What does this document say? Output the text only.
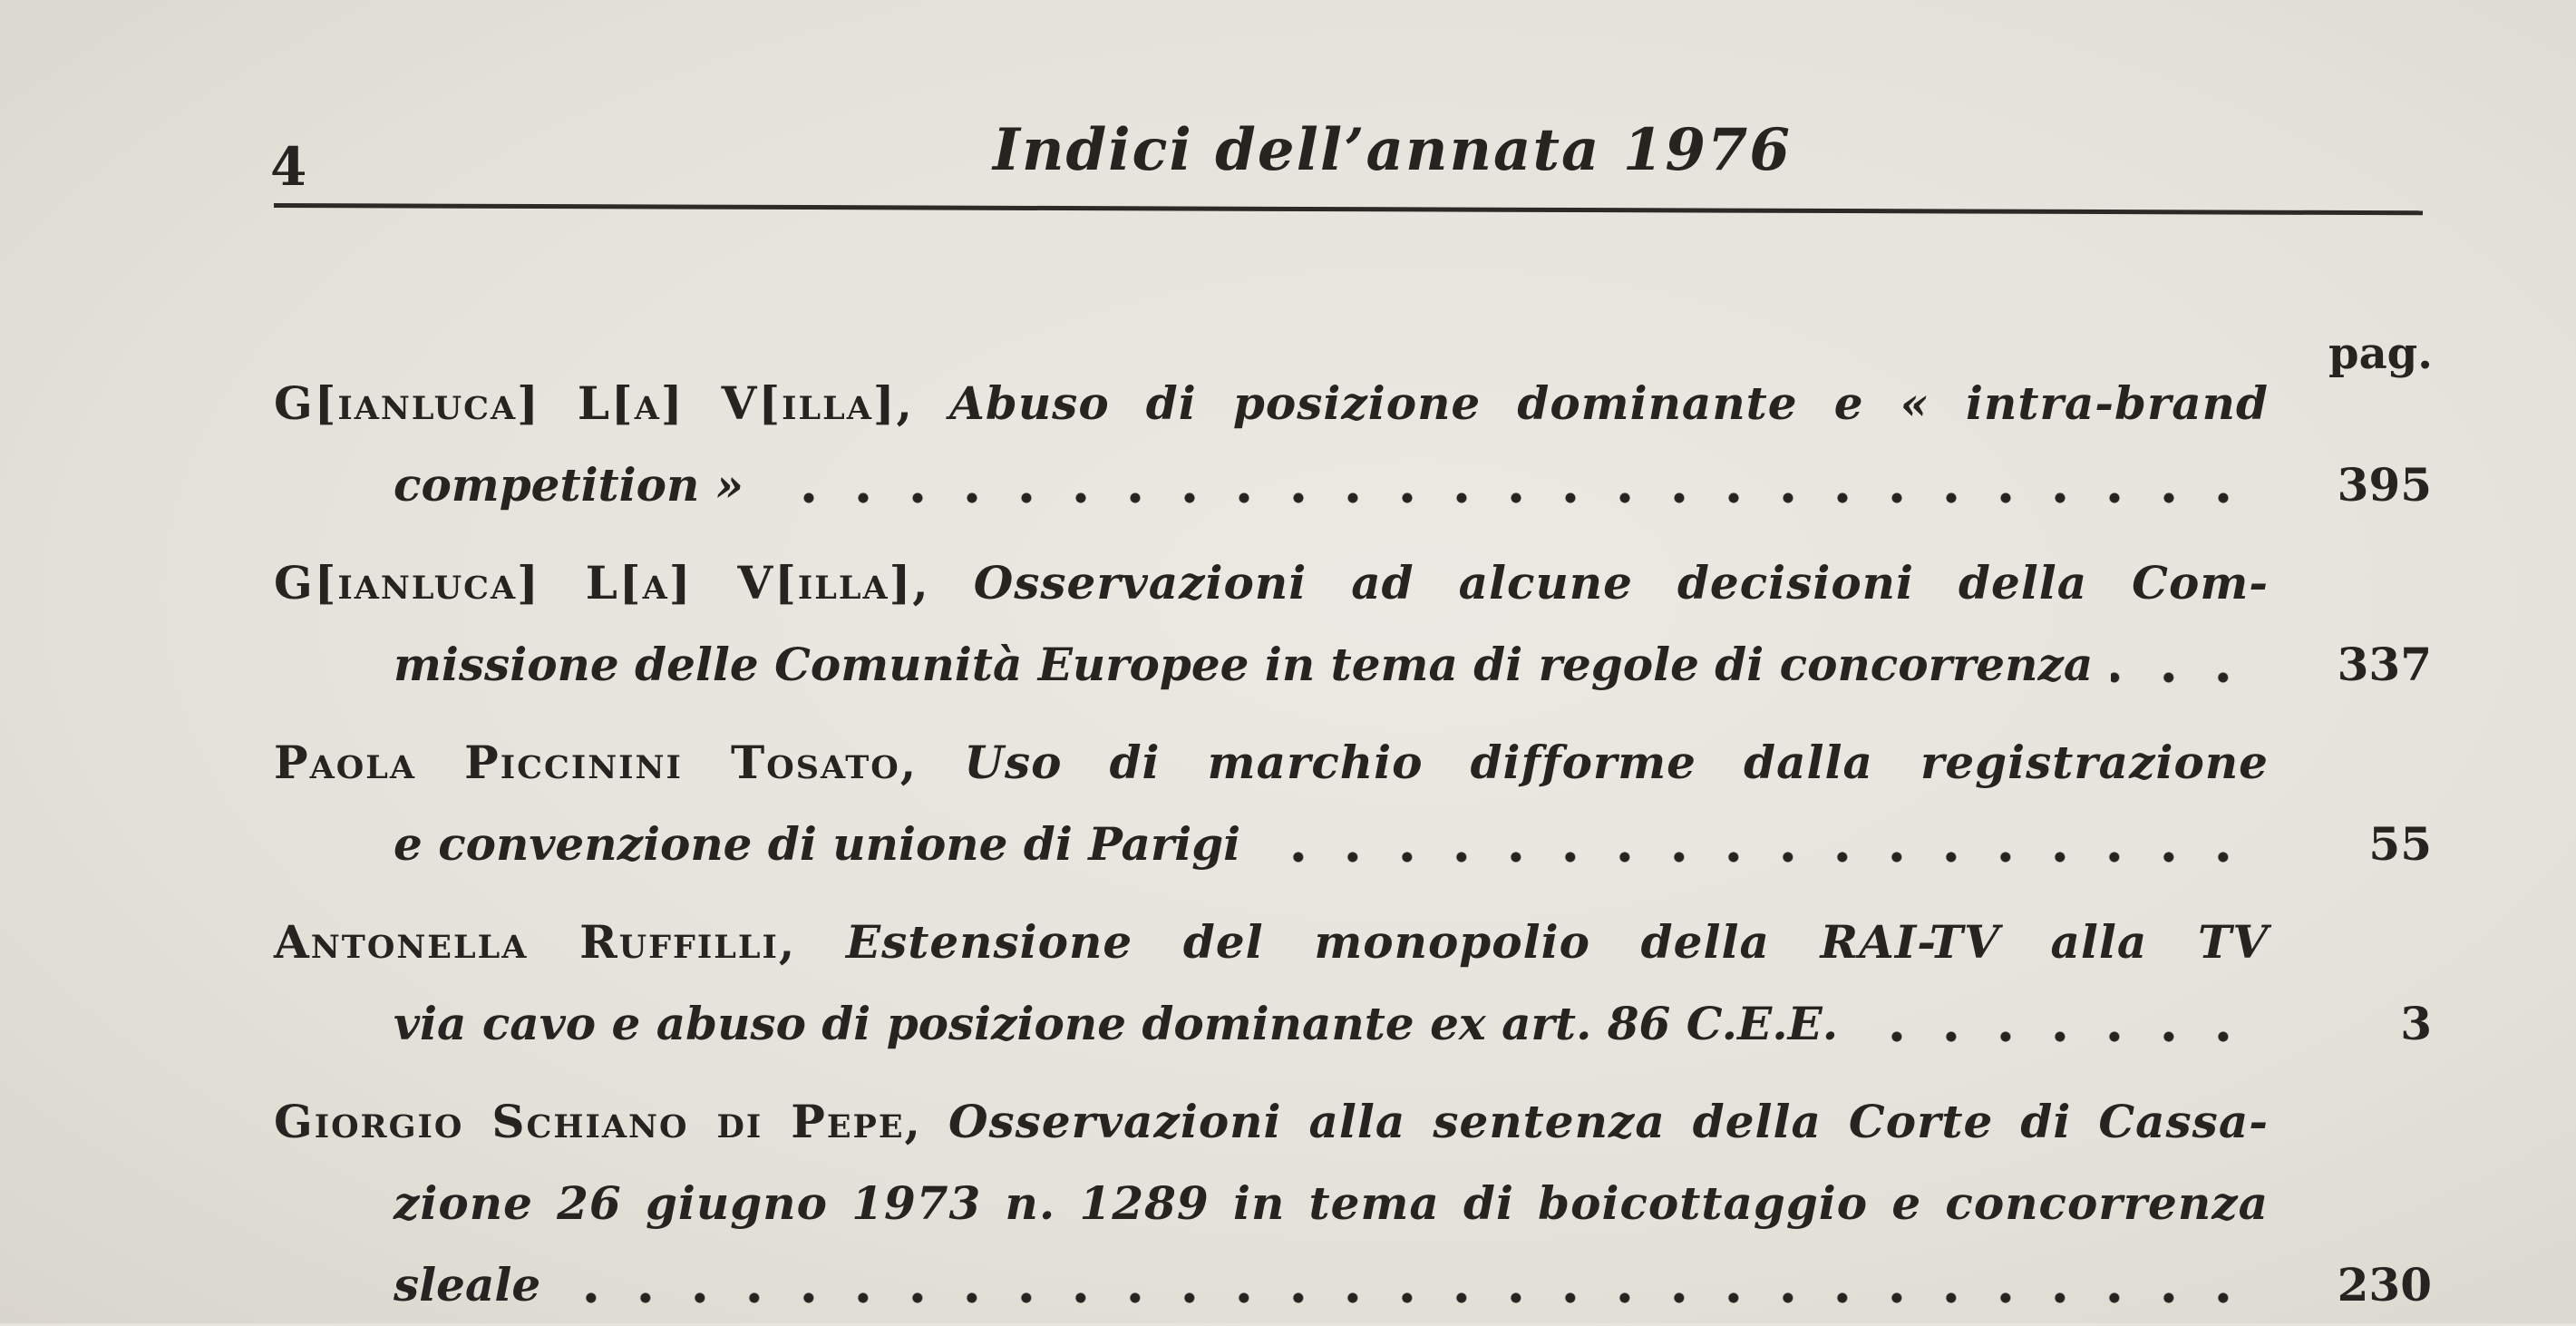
4	Indici dell’annata 1976
pag.
G[ianluca] L[a] V[illa], Abuso di posizione dominante e « intra-brand
competition »	395
G[ianluca] L[a] V[illa], Osservazioni ad alcune decisioni della Com-
missione delle Comunità Europee in tema di regole di concorrenza	337
Paola Piccinini Tosato, Uso di marchio difforme dalla registrazione
e convenzione di unione di Parigi	55
Antonella Ruffilli, Estensione del monopolio della RAI-TV alla TV
via cavo e abuso di posizione dominante ex art. 86 C.E.E.	3
Giorgio Schiano di Pepe, Osservazioni alla sentenza della Corte di Cassa-
zione 26 giugno 1973 n. 1289 in tema di boicottaggio e concorrenza
sleale	230
